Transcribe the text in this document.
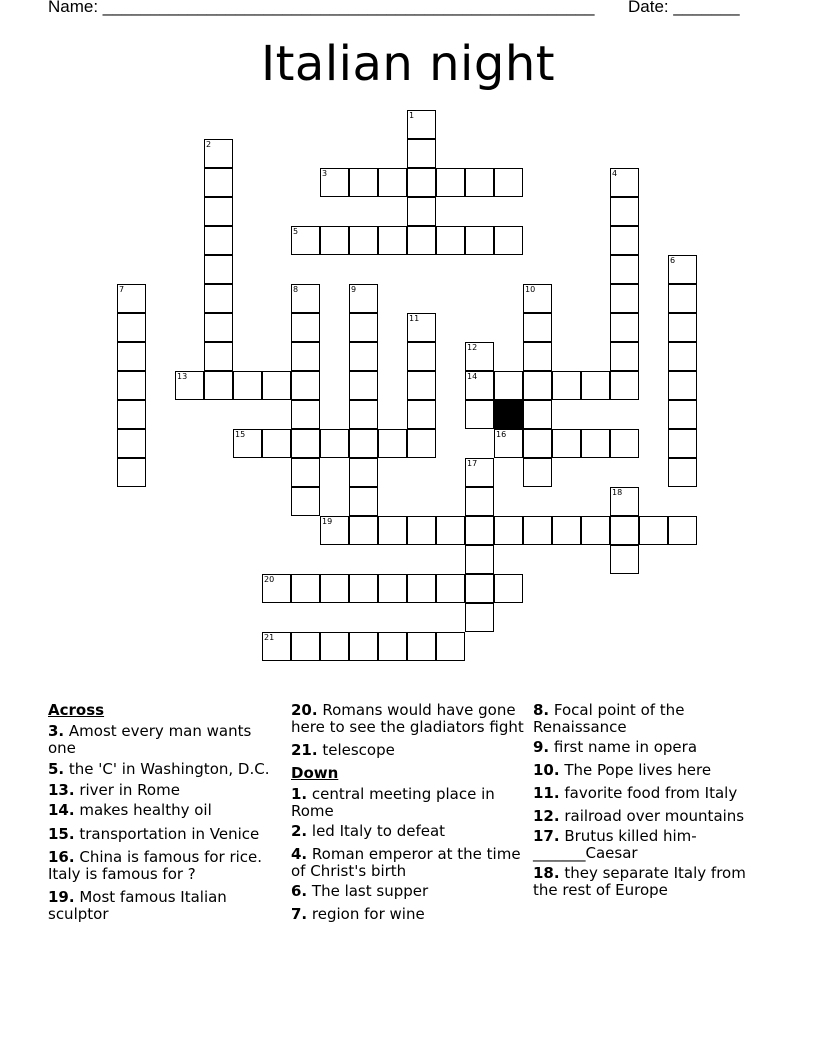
Name: ____________________________________________________ Date: _______
Italian night
1
2
3	4
5
6
7	8	9	10
11
12
14
13
15	16
17
18
19
20
21
Across
3. Amost every man wants one
5. the 'C' in Washington, D.C.
13. river in Rome
14. makes healthy oil
15. transportation in Venice
16. China is famous for rice. Italy is famous for ?
19. Most famous Italian sculptor
20. Romans would have gone here to see the gladiators fight
21. telescope
Down
1. central meeting place in Rome
2. led Italy to defeat
4. Roman emperor at the time of Christ's birth
6. The last supper
7. region for wine
8. Focal point of the Renaissance
9. first name in opera
10. The Pope lives here
11. favorite food from Italy
12. railroad over mountains
17. Brutus killed him-_______Caesar
18. they separate Italy from the rest of Europe
